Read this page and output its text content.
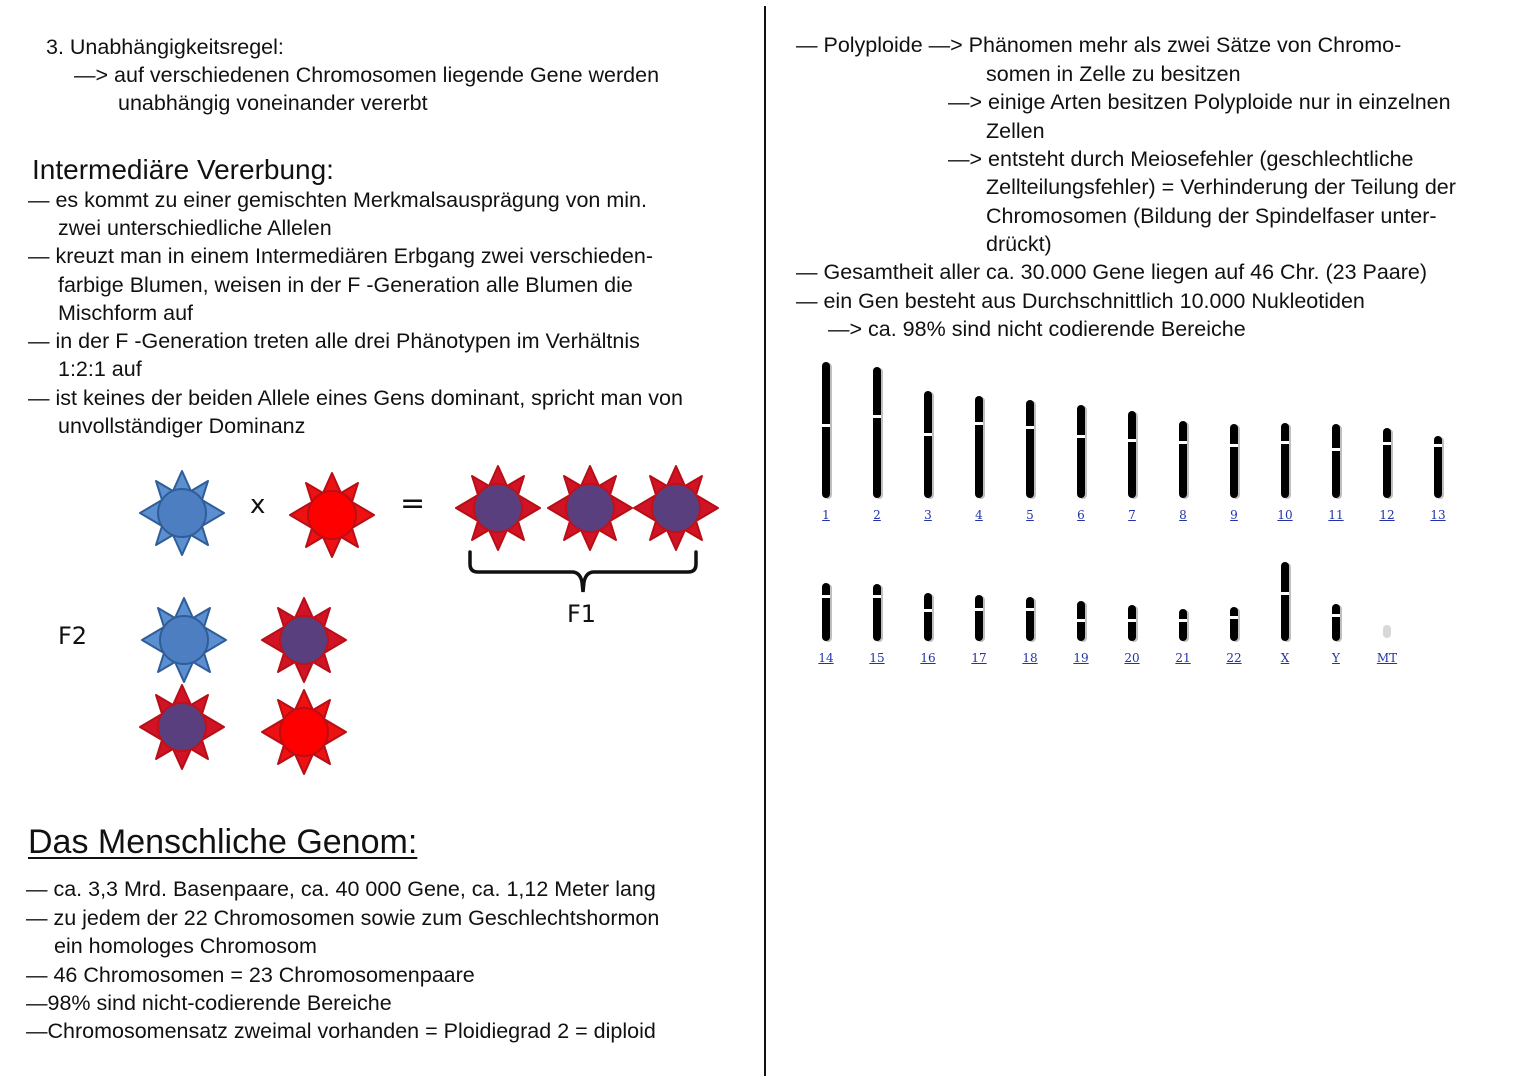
3. Unabhängigkeitsregel:
—> auf verschiedenen Chromosomen liegende Gene werden
unabhängig voneinander vererbt
Intermediäre Vererbung:
— es kommt zu einer gemischten Merkmalsausprägung von min.
zwei unterschiedliche Allelen
— kreuzt man in einem Intermediären Erbgang zwei verschieden-
farbige Blumen, weisen in der F -Generation alle Blumen die
Mischform auf
— in der F -Generation treten alle drei Phänotypen im Verhältnis
1:2:1 auf
— ist keines der beiden Allele eines Gens dominant, spricht man von
unvollständiger Dominanz
x	=
F1
F2
Das Menschliche Genom:
— ca. 3,3 Mrd. Basenpaare, ca. 40 000 Gene, ca. 1,12 Meter lang
— zu jedem der 22 Chromosomen sowie zum Geschlechtshormon
ein homologes Chromosom
— 46 Chromosomen = 23 Chromosomenpaare
—98% sind nicht-codierende Bereiche
—Chromosomensatz zweimal vorhanden = Ploidiegrad 2 = diploid
— Polyploide —> Phänomen mehr als zwei Sätze von Chromo-
somen in Zelle zu besitzen
—> einige Arten besitzen Polyploide nur in einzelnen
Zellen
—> entsteht durch Meiosefehler (geschlechtliche
Zellteilungsfehler) = Verhinderung der Teilung der
Chromosomen (Bildung der Spindelfaser unter-
drückt)
— Gesamtheit aller ca. 30.000 Gene liegen auf 46 Chr. (23 Paare)
— ein Gen besteht aus Durchschnittlich 10.000 Nukleotiden
—> ca. 98% sind nicht codierende Bereiche
1	2	3	4	5	6	7	8	9	10	11	12	13
14	15	16	17	18	19	20	21	22	X	Y	MT
